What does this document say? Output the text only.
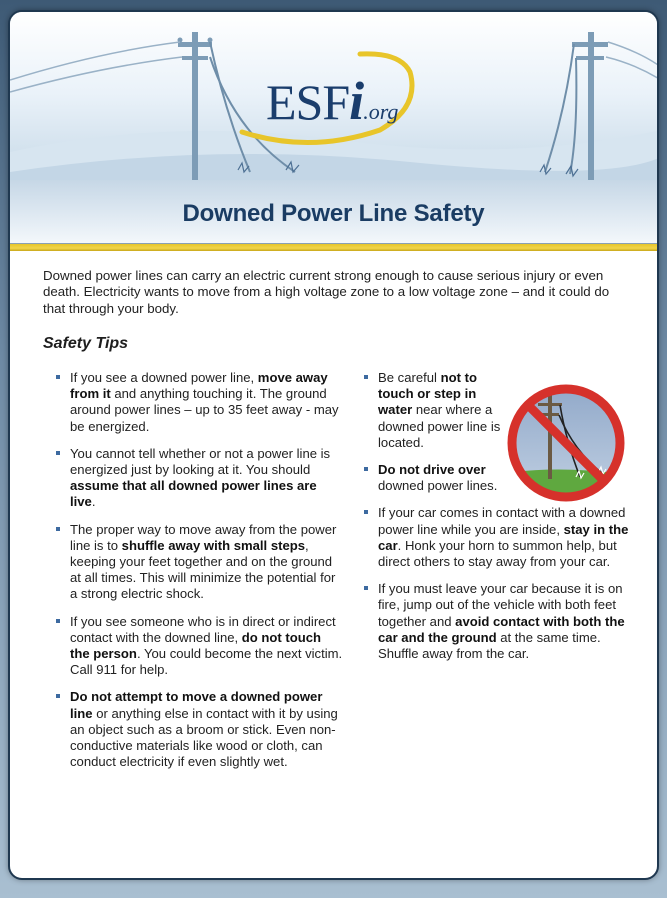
ESFi.org
Downed Power Line Safety

Downed power lines can carry an electric current strong enough to cause serious injury or even death. Electricity wants to move from a high voltage zone to a low voltage zone – and it could do that through your body.

Safety Tips
If you see a downed power line, move away from it and anything touching it. The ground around power lines – up to 35 feet away - may be energized.
You cannot tell whether or not a power line is energized just by looking at it. You should assume that all downed power lines are live.
The proper way to move away from the power line is to shuffle away with small steps, keeping your feet together and on the ground at all times. This will minimize the potential for a strong electric shock.
If you see someone who is in direct or indirect contact with the downed line, do not touch the person. You could become the next victim. Call 911 for help.
Do not attempt to move a downed power line or anything else in contact with it by using an object such as a broom or stick. Even non-conductive materials like wood or cloth, can conduct electricity if even slightly wet.
Be careful not to touch or step in water near where a downed power line is located.
Do not drive over downed power lines.
If your car comes in contact with a downed power line while you are inside, stay in the car. Honk your horn to summon help, but direct others to stay away from your car.
If you must leave your car because it is on fire, jump out of the vehicle with both feet together and avoid contact with both the car and the ground at the same time. Shuffle away from the car.
